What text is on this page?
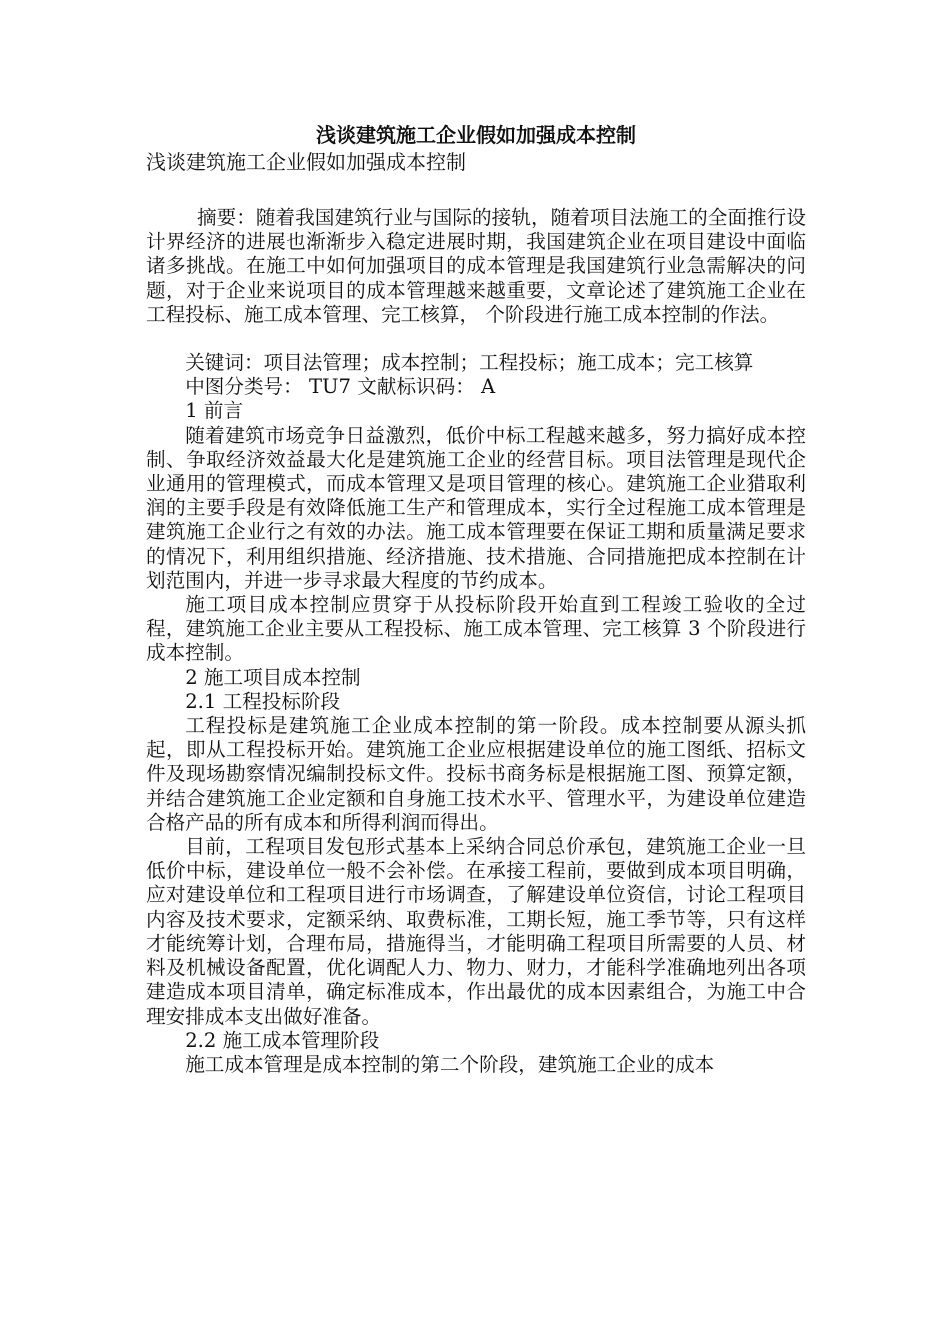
浅谈建筑施工企业假如加强成本控制
浅谈建筑施工企业假如加强成本控制

摘要：随着我国建筑行业与国际的接轨，随着项目法施工的全面推行设计界经济的进展也渐渐步入稳定进展时期，我国建筑企业在项目建设中面临诸多挑战。在施工中如何加强项目的成本管理是我国建筑行业急需解决的问题，对于企业来说项目的成本管理越来越重要，文章论述了建筑施工企业在工程投标、施工成本管理、完工核算， 个阶段进行施工成本控制的作法。

关键词：项目法管理；成本控制；工程投标；施工成本；完工核算

中图分类号： TU7 文献标识码： A

1 前言

随着建筑市场竞争日益激烈，低价中标工程越来越多，努力搞好成本控制、争取经济效益最大化是建筑施工企业的经营目标。项目法管理是现代企业通用的管理模式，而成本管理又是项目管理的核心。建筑施工企业猎取利润的主要手段是有效降低施工生产和管理成本，实行全过程施工成本管理是建筑施工企业行之有效的办法。施工成本管理要在保证工期和质量满足要求的情况下，利用组织措施、经济措施、技术措施、合同措施把成本控制在计划范围内，并进一步寻求最大程度的节约成本。

施工项目成本控制应贯穿于从投标阶段开始直到工程竣工验收的全过程，建筑施工企业主要从工程投标、施工成本管理、完工核算 3 个阶段进行成本控制。

2 施工项目成本控制

2.1 工程投标阶段

工程投标是建筑施工企业成本控制的第一阶段。成本控制要从源头抓起，即从工程投标开始。建筑施工企业应根据建设单位的施工图纸、招标文件及现场勘察情况编制投标文件。投标书商务标是根据施工图、预算定额，并结合建筑施工企业定额和自身施工技术水平、管理水平，为建设单位建造合格产品的所有成本和所得利润而得出。

目前，工程项目发包形式基本上采纳合同总价承包，建筑施工企业一旦低价中标，建设单位一般不会补偿。在承接工程前，要做到成本项目明确，应对建设单位和工程项目进行市场调查，了解建设单位资信，讨论工程项目内容及技术要求，定额采纳、取费标准，工期长短，施工季节等，只有这样才能统筹计划，合理布局，措施得当，才能明确工程项目所需要的人员、材料及机械设备配置，优化调配人力、物力、财力，才能科学准确地列出各项建造成本项目清单，确定标准成本，作出最优的成本因素组合，为施工中合理安排成本支出做好准备。

2.2 施工成本管理阶段

施工成本管理是成本控制的第二个阶段，建筑施工企业的成本
